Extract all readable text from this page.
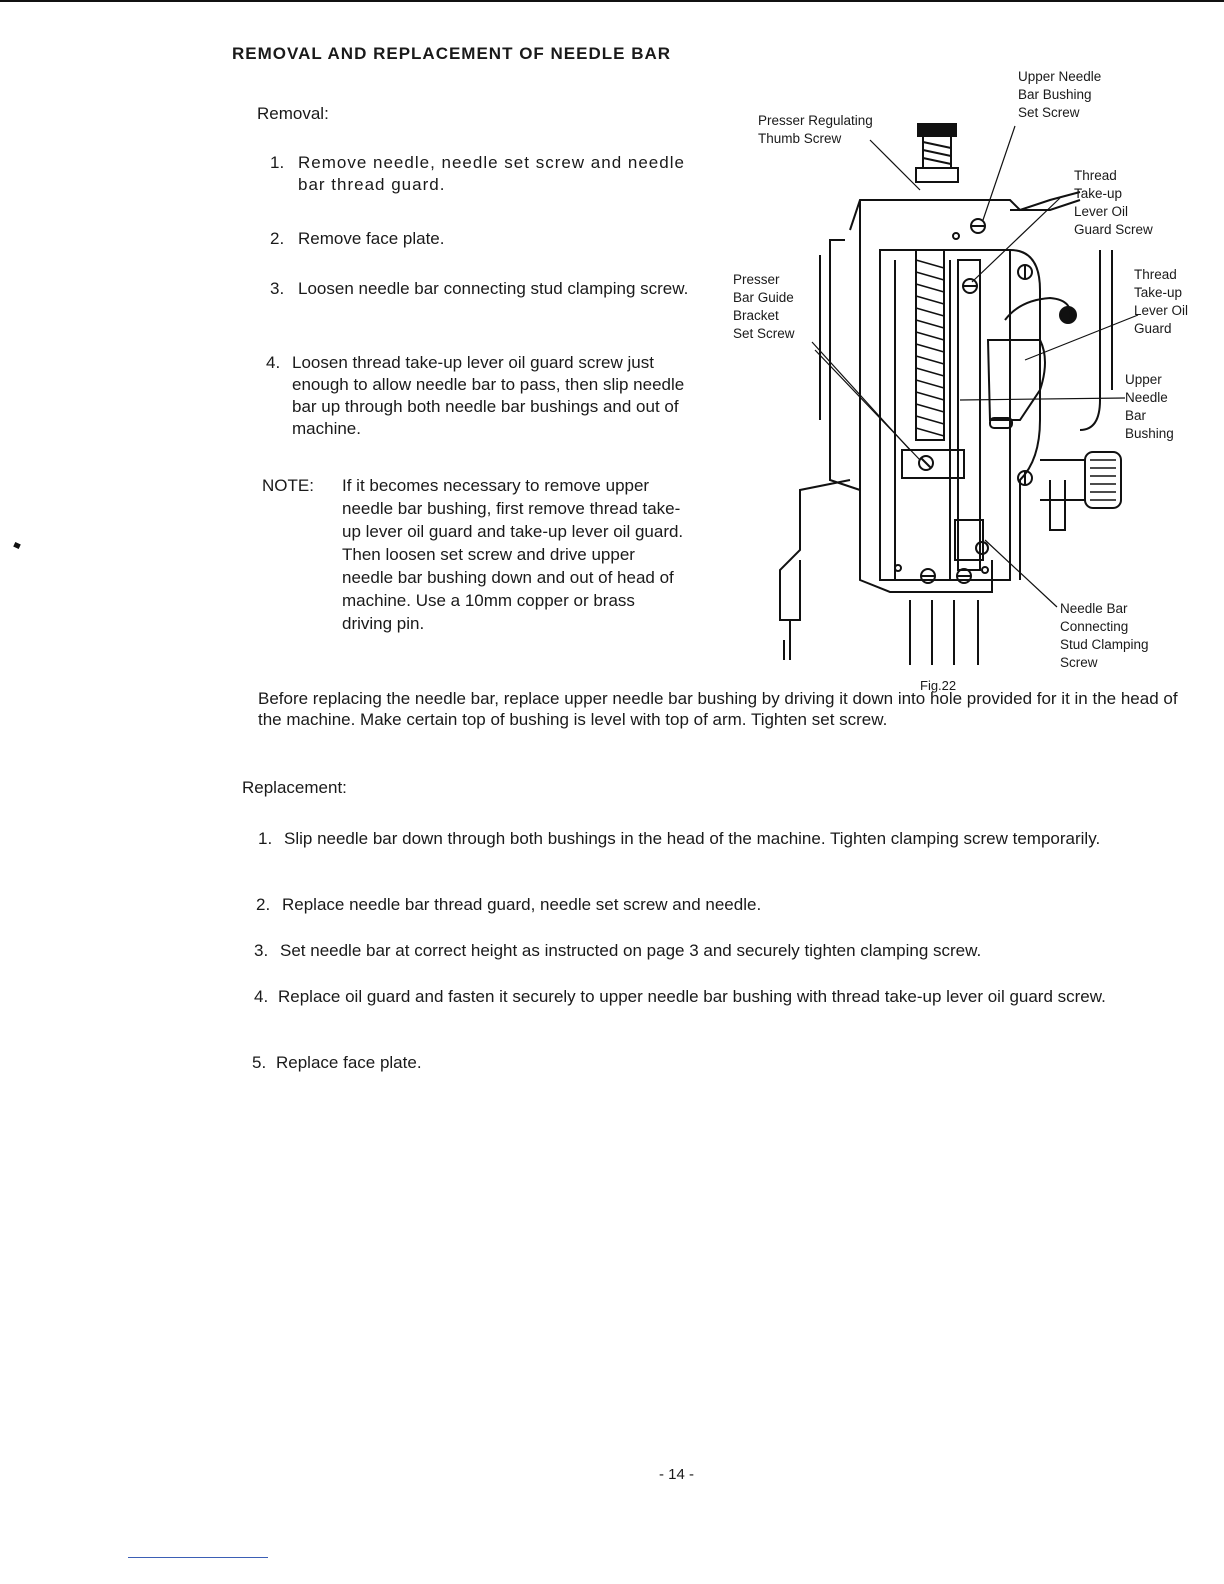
REMOVAL AND REPLACEMENT OF NEEDLE BAR
Removal:
1. Remove needle, needle set screw and needle bar thread guard.
2. Remove face plate.
3. Loosen needle bar connecting stud clamping screw.
4. Loosen thread take-up lever oil guard screw just enough to allow needle bar to pass, then slip needle bar up through both needle bar bushings and out of machine.
NOTE: If it becomes necessary to remove upper needle bar bushing, first remove thread take-up lever oil guard and take-up lever oil guard. Then loosen set screw and drive upper needle bar bushing down and out of head of machine. Use a 10mm copper or brass driving pin.
Upper Needle
Bar Bushing
Set Screw
Presser Regulating
Thumb Screw
Thread
Take-up
Lever Oil
Guard Screw
Presser
Bar Guide
Bracket
Set Screw
Thread
Take-up
Lever Oil
Guard
Upper
Needle
Bar
Bushing
Needle Bar
Connecting
Stud Clamping
Screw
Fig.22
Before replacing the needle bar, replace upper needle bar bushing by driving it down into hole provided for it in the head of the machine. Make certain top of bushing is level with top of arm. Tighten set screw.
Replacement:
1. Slip needle bar down through both bushings in the head of the machine. Tighten clamping screw temporarily.
2. Replace needle bar thread guard, needle set screw and needle.
3. Set needle bar at correct height as instructed on page 3 and securely tighten clamping screw.
4. Replace oil guard and fasten it securely to upper needle bar bushing with thread take-up lever oil guard screw.
5. Replace face plate.
- 14 -
